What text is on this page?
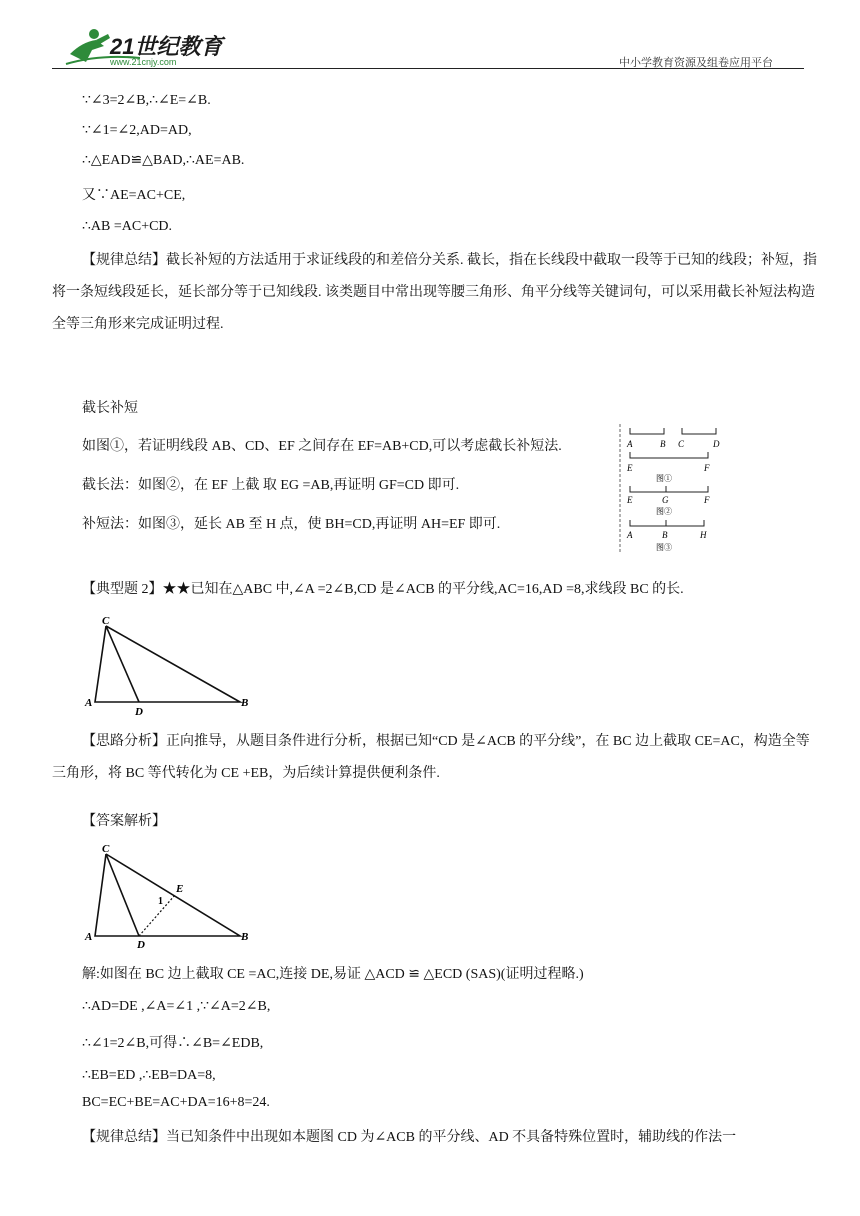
21世纪教育
www.21cnjy.com	中小学教育资源及组卷应用平台
∵∠3=2∠B,∴∠E=∠B.
∵∠1=∠2,AD=AD,
∴△EAD≌△BAD,∴AE=AB.
又∵AE=AC+CE,
∴AB =AC+CD.
【规律总结】截长补短的方法适用于求证线段的和差倍分关系. 截长，指在长线段中截取一段等于已知的线段；补短，指将一条短线段延长，延长部分等于已知线段. 该类题目中常出现等腰三角形、角平分线等关键词句，可以采用截长补短法构造全等三角形来完成证明过程.
截长补短
如图①，若证明线段 AB、CD、EF 之间存在 EF=AB+CD,可以考虑截长补短法.
截长法：如图②，在 EF 上截 取 EG =AB,再证明 GF=CD 即可.
补短法：如图③，延长 AB 至 H 点，使 BH=CD,再证明 AH=EF 即可.
A	B C	D
E	F
图①
E	G	F
图②
A	B	H
图③
【典型题 2】★★已知在△ABC 中,∠A =2∠B,CD 是∠ACB 的平分线,AC=16,AD =8,求线段 BC 的长.
C
A
D
B
【思路分析】正向推导，从题目条件进行分析，根据已知“CD 是∠ACB 的平分线”，在 BC 边上截取 CE=AC，构造全等三角形，将 BC 等代转化为 CE +EB，为后续计算提供便利条件.
【答案解析】
C
A
D
B
E
1
解:如图在 BC 边上截取 CE =AC,连接 DE,易证 △ACD ≌ △ECD (SAS)(证明过程略.)
∴AD=DE ,∠A=∠1 ,∵∠A=2∠B,
∴∠1=2∠B,可得∴∠B=∠EDB,
∴EB=ED ,∴EB=DA=8,
BC=EC+BE=AC+DA=16+8=24.
【规律总结】当已知条件中出现如本题图 CD 为∠ACB 的平分线、AD 不具备特殊位置时，辅助线的作法一
